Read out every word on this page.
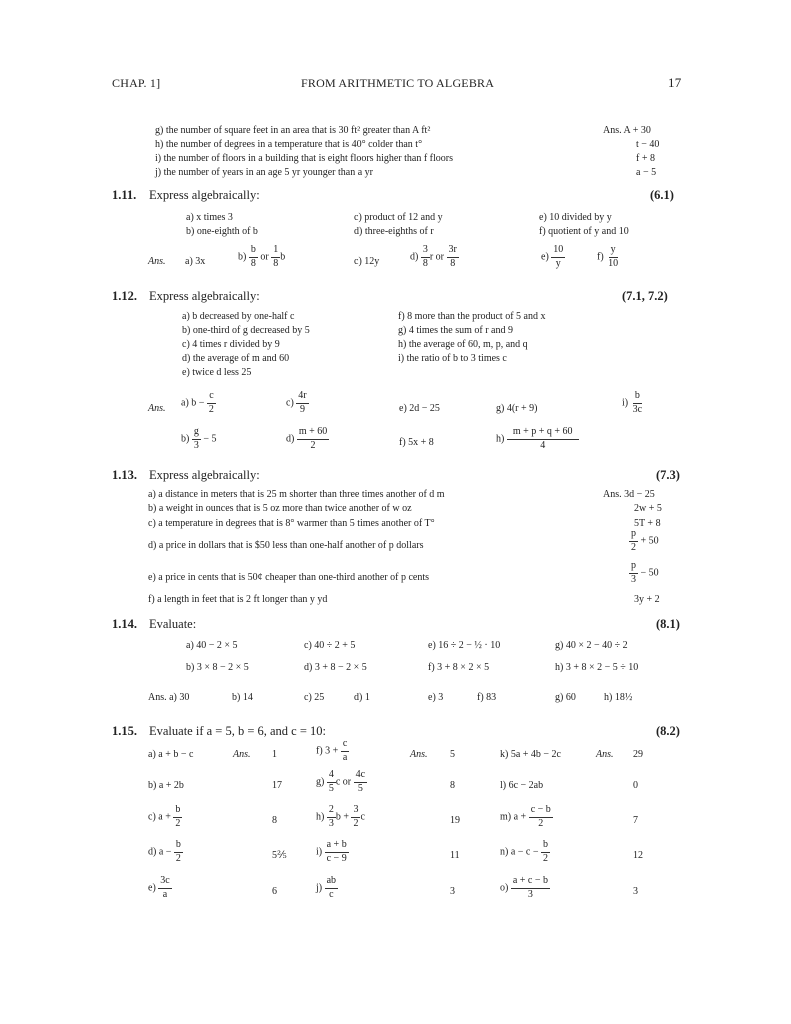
CHAP. 1]	FROM ARITHMETIC TO ALGEBRA	17
g) the number of square feet in an area that is 30 ft² greater than A ft²	Ans. A + 30
h) the number of degrees in a temperature that is 40° colder than t°	t − 40
i) the number of floors in a building that is eight floors higher than f floors	f + 8
j) the number of years in an age 5 yr younger than a yr	a − 5
1.11. Express algebraically:	(6.1)
a) x times 3	c) product of 12 and y	e) 10 divided by y
b) one-eighth of b	d) three-eighths of r	f) quotient of y and 10
Ans. a) 3x	$b) \frac{b}{8}$ or $\frac{1}{8}$ b	c) 12y	$d) \frac{3}{8}$ r or $\frac{3r}{8}$	$e) \frac{10}{y}$	$f) \frac{y}{10}$
1.12. Express algebraically:	(7.1, 7.2)
a) b decreased by one-half c
b) one-third of g decreased by 5
c) 4 times r divided by 9
d) the average of m and 60
e) twice d less 25
f) 8 more than the product of 5 and x
g) 4 times the sum of r and 9
h) the average of 60, m, p, and q
i) the ratio of b to 3 times c
Ans. a) $b - \frac{c}{2}$	$c) \frac{4r}{9}$	e) 2d − 25	g) 4(r + 9)	$i) \frac{b}{3c}$
$b) \frac{g}{3} - 5$	$d) \frac{m + 60}{2}$	f) 5x + 8	$h) \frac{m + p + q + 60}{4}$
1.13. Express algebraically:	(7.3)
a) a distance in meters that is 25 m shorter than three times another of d m	Ans. 3d − 25
b) a weight in ounces that is 5 oz more than twice another of w oz	2w + 5
c) a temperature in degrees that is 8° warmer than 5 times another of T°	5T + 8
d) a price in dollars that is $50 less than one-half another of p dollars	$\frac{p}{2} + 50$
e) a price in cents that is 50¢ cheaper than one-third another of p cents	$\frac{p}{3} - 50$
f) a length in feet that is 2 ft longer than y yd	3y + 2
1.14. Evaluate:	(8.1)
a) 40 − 2 × 5	c) 40 ÷ 2 + 5	e) 16 ÷ 2 − ½ · 10	g) 40 × 2 − 40 ÷ 2
b) 3 × 8 − 2 × 5	d) 3 + 8 − 2 × 5	f) 3 + 8 × 2 × 5	h) 3 + 8 × 2 − 5 ÷ 10
Ans. a) 30	b) 14	c) 25	d) 1	e) 3	f) 83	g) 60	h) 18½
1.15. Evaluate if a = 5, b = 6, and c = 10:	(8.2)
a) a + b − c	Ans. 1
b) a + 2b	17
c) $a + \frac{b}{2}$	8
d) $a - \frac{b}{2}$	5⅖
$e) \frac{3c}{a}$	6
f) $3 + \frac{c}{a}$	Ans. 5
$g) \frac{4}{5}$ c or $\frac{4c}{5}$	8
$h) \frac{2}{3}$ $b + \frac{3}{2}$ c	19
$i) \frac{a + b}{c - 9}$	11
$j) \frac{ab}{c}$	3
k) 5a + 4b − 2c	Ans. 29
l) 6c − 2ab	0
m) $a + \frac{c - b}{2}$	7
n) $a - c - \frac{b}{2}$	12
$o) \frac{a + c - b}{3}$	3
